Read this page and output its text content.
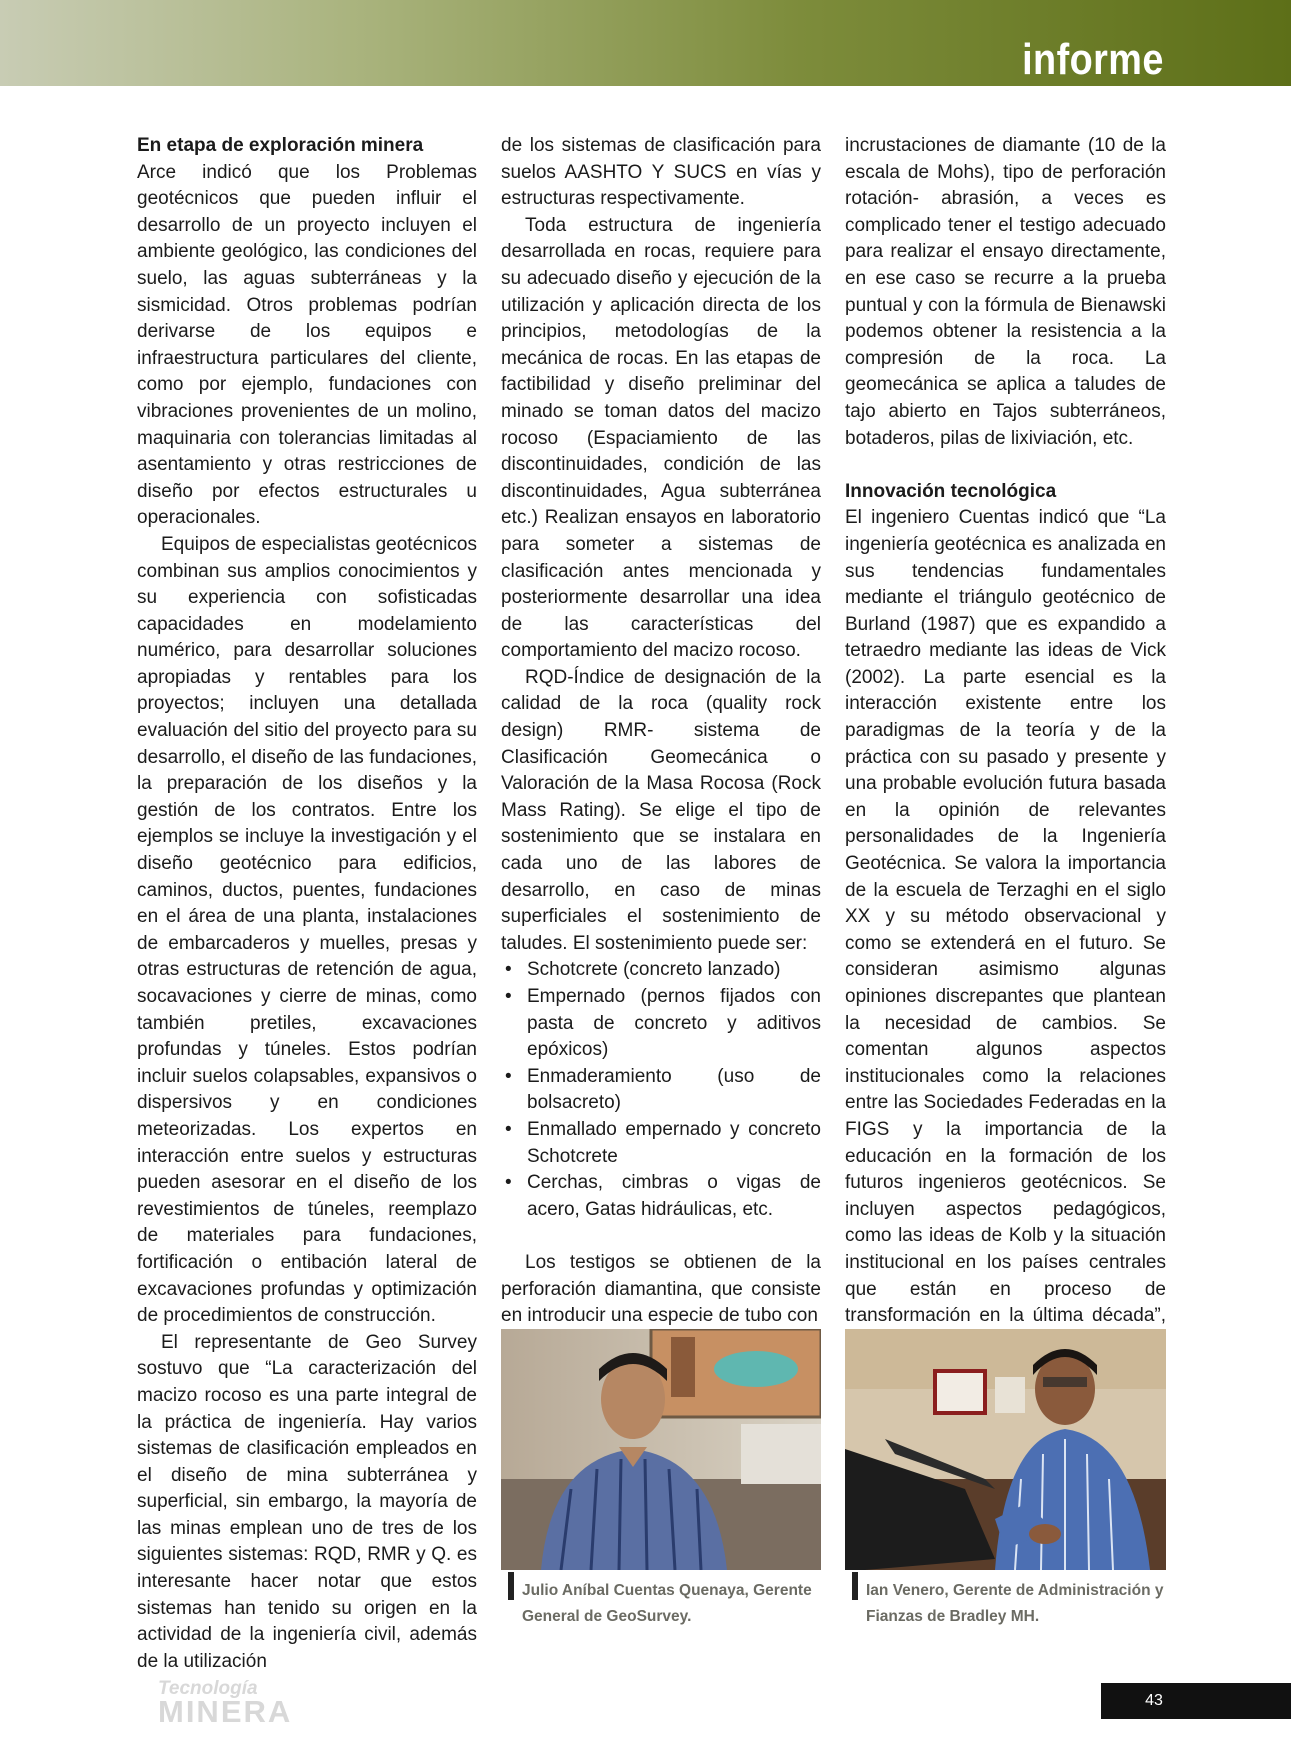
informe
En etapa de exploración minera

Arce indicó que los Problemas geotécnicos que pueden influir el desarrollo de un proyecto incluyen el ambiente geológico, las condiciones del suelo, las aguas subterráneas y la sismicidad. Otros problemas podrían derivarse de los equipos e infraestructura particulares del cliente, como por ejemplo, fundaciones con vibraciones provenientes de un molino, maquinaria con tolerancias limitadas al asentamiento y otras restricciones de diseño por efectos estructurales u operacionales.

Equipos de especialistas geotécnicos combinan sus amplios conocimientos y su experiencia con sofisticadas capacidades en modelamiento numérico, para desarrollar soluciones apropiadas y rentables para los proyectos; incluyen una detallada evaluación del sitio del proyecto para su desarrollo, el diseño de las fundaciones, la preparación de los diseños y la gestión de los contratos. Entre los ejemplos se incluye la investigación y el diseño geotécnico para edificios, caminos, ductos, puentes, fundaciones en el área de una planta, instalaciones de embarcaderos y muelles, presas y otras estructuras de retención de agua, socavaciones y cierre de minas, como también pretiles, excavaciones profundas y túneles. Estos podrían incluir suelos colapsables, expansivos o dispersivos y en condiciones meteorizadas. Los expertos en interacción entre suelos y estructuras pueden asesorar en el diseño de los revestimientos de túneles, reemplazo de materiales para fundaciones, fortificación o entibación lateral de excavaciones profundas y optimización de procedimientos de construcción.

El representante de Geo Survey sostuvo que “La caracterización del macizo rocoso es una parte integral de la práctica de ingeniería. Hay varios sistemas de clasificación empleados en el diseño de mina subterránea y superficial, sin embargo, la mayoría de las minas emplean uno de tres de los siguientes sistemas: RQD, RMR y Q. es interesante hacer notar que estos sistemas han tenido su origen en la actividad de la ingeniería civil, además de la utilización

de los sistemas de clasificación para suelos AASHTO Y SUCS en vías y estructuras respectivamente.

Toda estructura de ingeniería desarrollada en rocas, requiere para su adecuado diseño y ejecución de la utilización y aplicación directa de los principios, metodologías de la mecánica de rocas. En las etapas de factibilidad y diseño preliminar del minado se toman datos del macizo rocoso (Espaciamiento de las discontinuidades, condición de las discontinuidades, Agua subterránea etc.) Realizan ensayos en laboratorio para someter a sistemas de clasificación antes mencionada y posteriormente desarrollar una idea de las características del comportamiento del macizo rocoso.

RQD-Índice de designación de la calidad de la roca (quality rock design) RMR- sistema de Clasificación Geomecánica o Valoración de la Masa Rocosa (Rock Mass Rating). Se elige el tipo de sostenimiento que se instalara en cada uno de las labores de desarrollo, en caso de minas superficiales el sostenimiento de taludes. El sostenimiento puede ser:

• Schotcrete (concreto lanzado)
• Empernado (pernos fijados con pasta de concreto y aditivos epóxicos)
• Enmaderamiento (uso de bolsacreto)
• Enmallado empernado y concreto Schotcrete
• Cerchas, cimbras o vigas de acero, Gatas hidráulicas, etc.

Los testigos se obtienen de la perforación diamantina, que consiste en introducir una especie de tubo con

incrustaciones de diamante (10 de la escala de Mohs), tipo de perforación rotación- abrasión, a veces es complicado tener el testigo adecuado para realizar el ensayo directamente, en ese caso se recurre a la prueba puntual y con la fórmula de Bienawski podemos obtener la resistencia a la compresión de la roca. La geomecánica se aplica a taludes de tajo abierto en Tajos subterráneos, botaderos, pilas de lixiviación, etc.

Innovación tecnológica

El ingeniero Cuentas indicó que “La ingeniería geotécnica es analizada en sus tendencias fundamentales mediante el triángulo geotécnico de Burland (1987) que es expandido a tetraedro mediante las ideas de Vick (2002). La parte esencial es la interacción existente entre los paradigmas de la teoría y de la práctica con su pasado y presente y una probable evolución futura basada en la opinión de relevantes personalidades de la Ingeniería Geotécnica. Se valora la importancia de la escuela de Terzaghi en el siglo XX y su método observacional y como se extenderá en el futuro. Se consideran asimismo algunas opiniones discrepantes que plantean la necesidad de cambios. Se comentan algunos aspectos institucionales como la relaciones entre las Sociedades Federadas en la FIGS y la importancia de la educación en la formación de los futuros ingenieros geotécnicos. Se incluyen aspectos pedagógicos, como las ideas de Kolb y la situación institucional en los países centrales que están en proceso de transformación en la última década”,

Julio Aníbal Cuentas Quenaya, Gerente General de GeoSurvey.
Ian Venero, Gerente de Administración y Fianzas de Bradley MH.
Tecnología
MINERA	43
